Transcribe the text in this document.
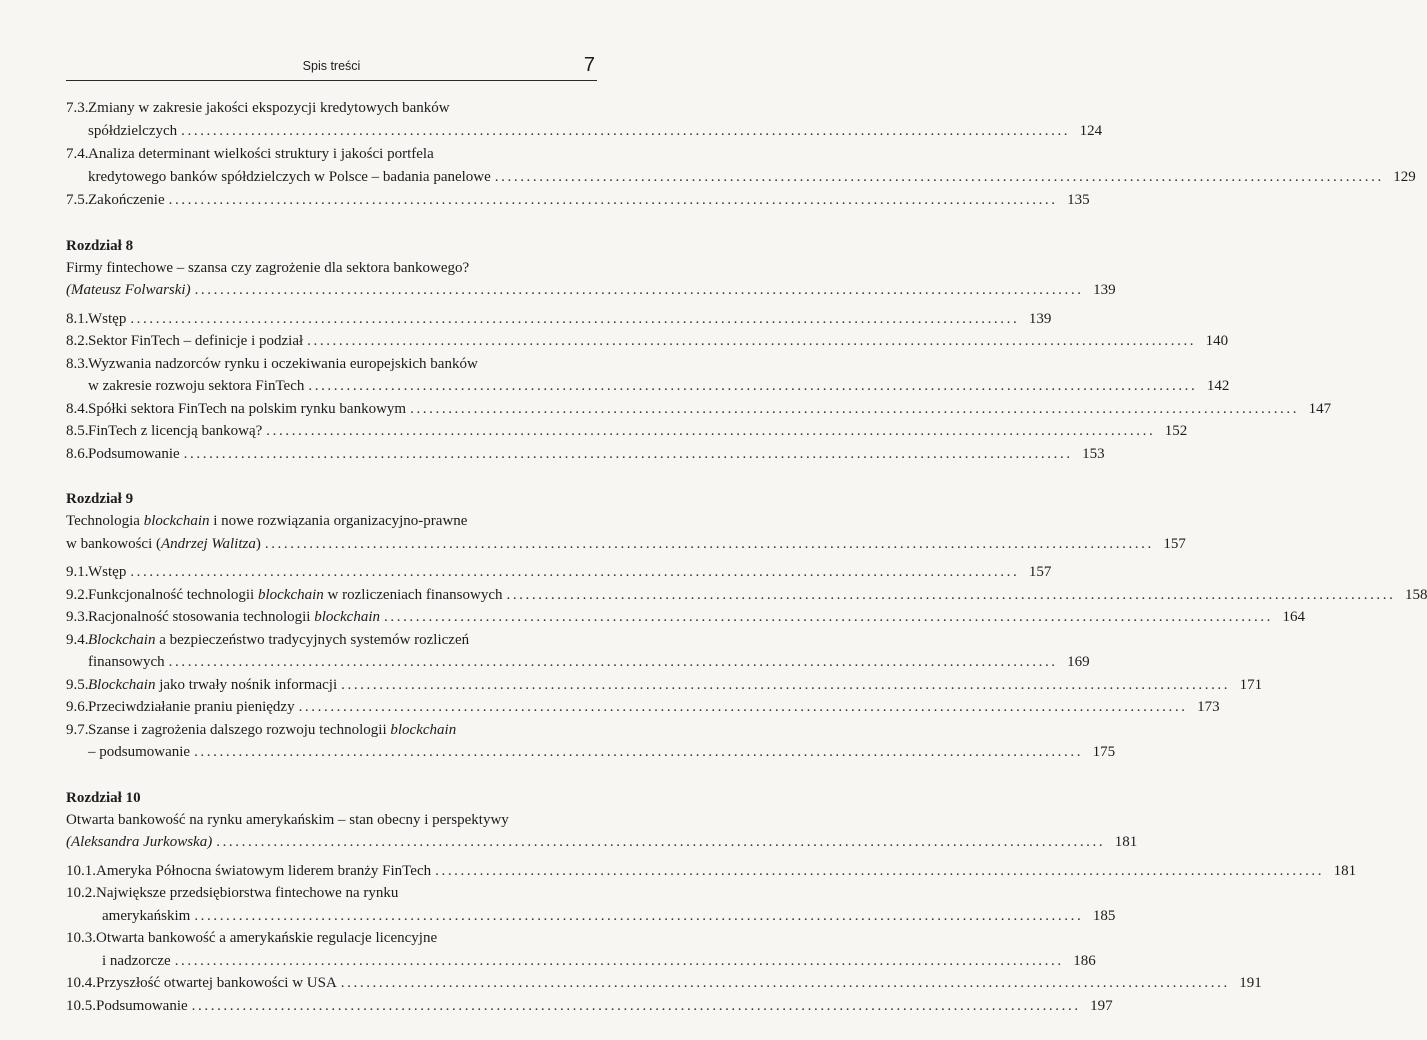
Spis treści	7
7.3. Zmiany w zakresie jakości ekspozycji kredytowych banków
spółdzielczych .....	124
7.4. Analiza determinant wielkości struktury i jakości portfela
kredytowego banków spółdzielczych w Polsce – badania panelowe .....	129
7.5. Zakończenie .....	135
Rozdział 8
Firmy fintechowe – szansa czy zagrożenie dla sektora bankowego?
(Mateusz Folwarski) .....	139
8.1. Wstęp .....	139
8.2. Sektor FinTech – definicje i podział .....	140
8.3. Wyzwania nadzorców rynku i oczekiwania europejskich banków
w zakresie rozwoju sektora FinTech .....	142
8.4. Spółki sektora FinTech na polskim rynku bankowym .....	147
8.5. FinTech z licencją bankową? .....	152
8.6. Podsumowanie .....	153
Rozdział 9
Technologia blockchain i nowe rozwiązania organizacyjno-prawne
w bankowości (Andrzej Walitza) .....	157
9.1. Wstęp .....	157
9.2. Funkcjonalność technologii blockchain w rozliczeniach finansowych .....	158
9.3. Racjonalność stosowania technologii blockchain .....	164
9.4. Blockchain a bezpieczeństwo tradycyjnych systemów rozliczeń
finansowych .....	169
9.5. Blockchain jako trwały nośnik informacji .....	171
9.6. Przeciwdziałanie praniu pieniędzy .....	173
9.7. Szanse i zagrożenia dalszego rozwoju technologii blockchain
– podsumowanie .....	175
Rozdział 10
Otwarta bankowość na rynku amerykańskim – stan obecny i perspektywy
(Aleksandra Jurkowska) .....	181
10.1. Ameryka Północna światowym liderem branży FinTech .....	181
10.2. Największe przedsiębiorstwa fintechowe na rynku
amerykańskim .....	185
10.3. Otwarta bankowość a amerykańskie regulacje licencyjne
i nadzorcze .....	186
10.4. Przyszłość otwartej bankowości w USA .....	191
10.5. Podsumowanie .....	197
